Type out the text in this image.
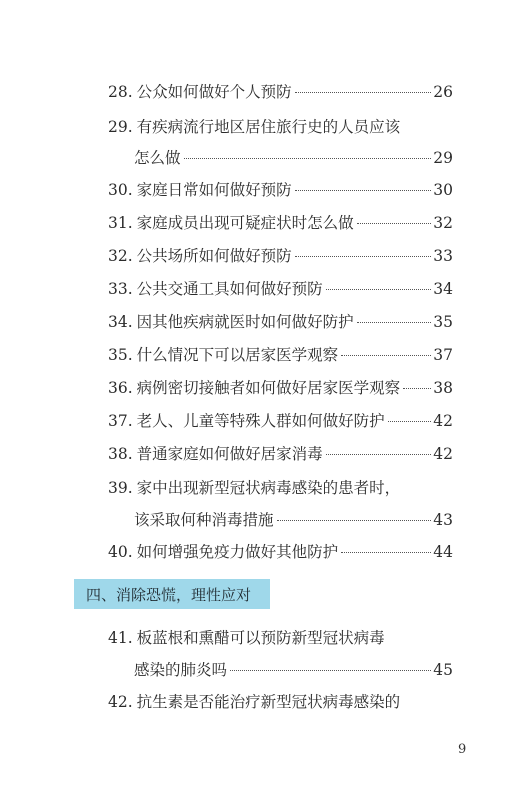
28. 公众如何做好个人预防	26
29. 有疾病流行地区居住旅行史的人员应该
怎么做	29
30. 家庭日常如何做好预防	30
31. 家庭成员出现可疑症状时怎么做	32
32. 公共场所如何做好预防	33
33. 公共交通工具如何做好预防	34
34. 因其他疾病就医时如何做好防护	35
35. 什么情况下可以居家医学观察	37
36. 病例密切接触者如何做好居家医学观察 38
37. 老人、儿童等特殊人群如何做好防护	42
38. 普通家庭如何做好居家消毒	42
39. 家中出现新型冠状病毒感染的患者时，
该采取何种消毒措施	43
40. 如何增强免疫力做好其他防护	44
四、消除恐慌，理性应对
41. 板蓝根和熏醋可以预防新型冠状病毒
感染的肺炎吗	45
42. 抗生素是否能治疗新型冠状病毒感染的
9
